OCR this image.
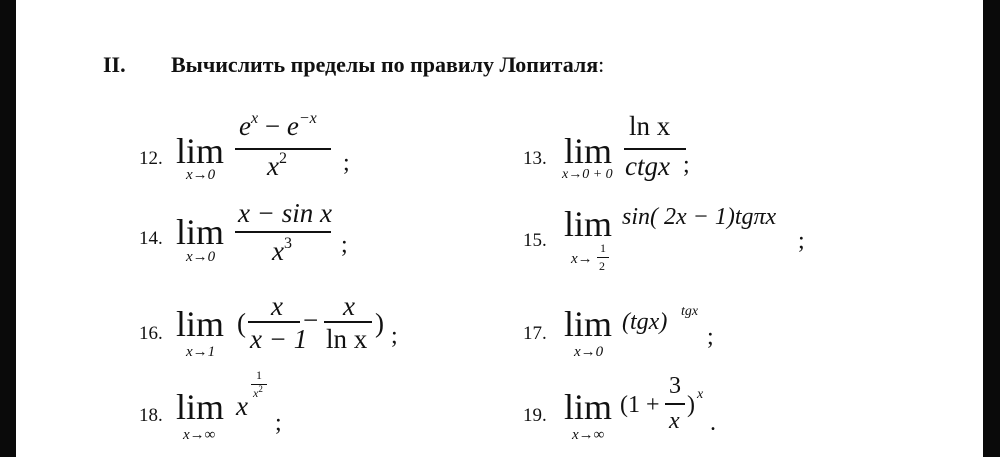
II. Вычислить пределы по правилу Лопиталя:
12. lim
x→0
$e^x - e^{-x}$
$x^2$ ;	13. lim
x→0 + 0
ln x
ctgx ;
14. lim
x→0
x − sin x
$x^3$ ;	15. lim
x→
1
2
sin( 2x − 1)tgπx
;
16. lim
x→1
(
x
x − 1
− x
ln x
) ;	17. lim
x→0
(tgx) tgx
;
18. lim
x→∞
x
1
$x^2$
;	19. lim
x→∞
(1 +
3
x
) x
.
